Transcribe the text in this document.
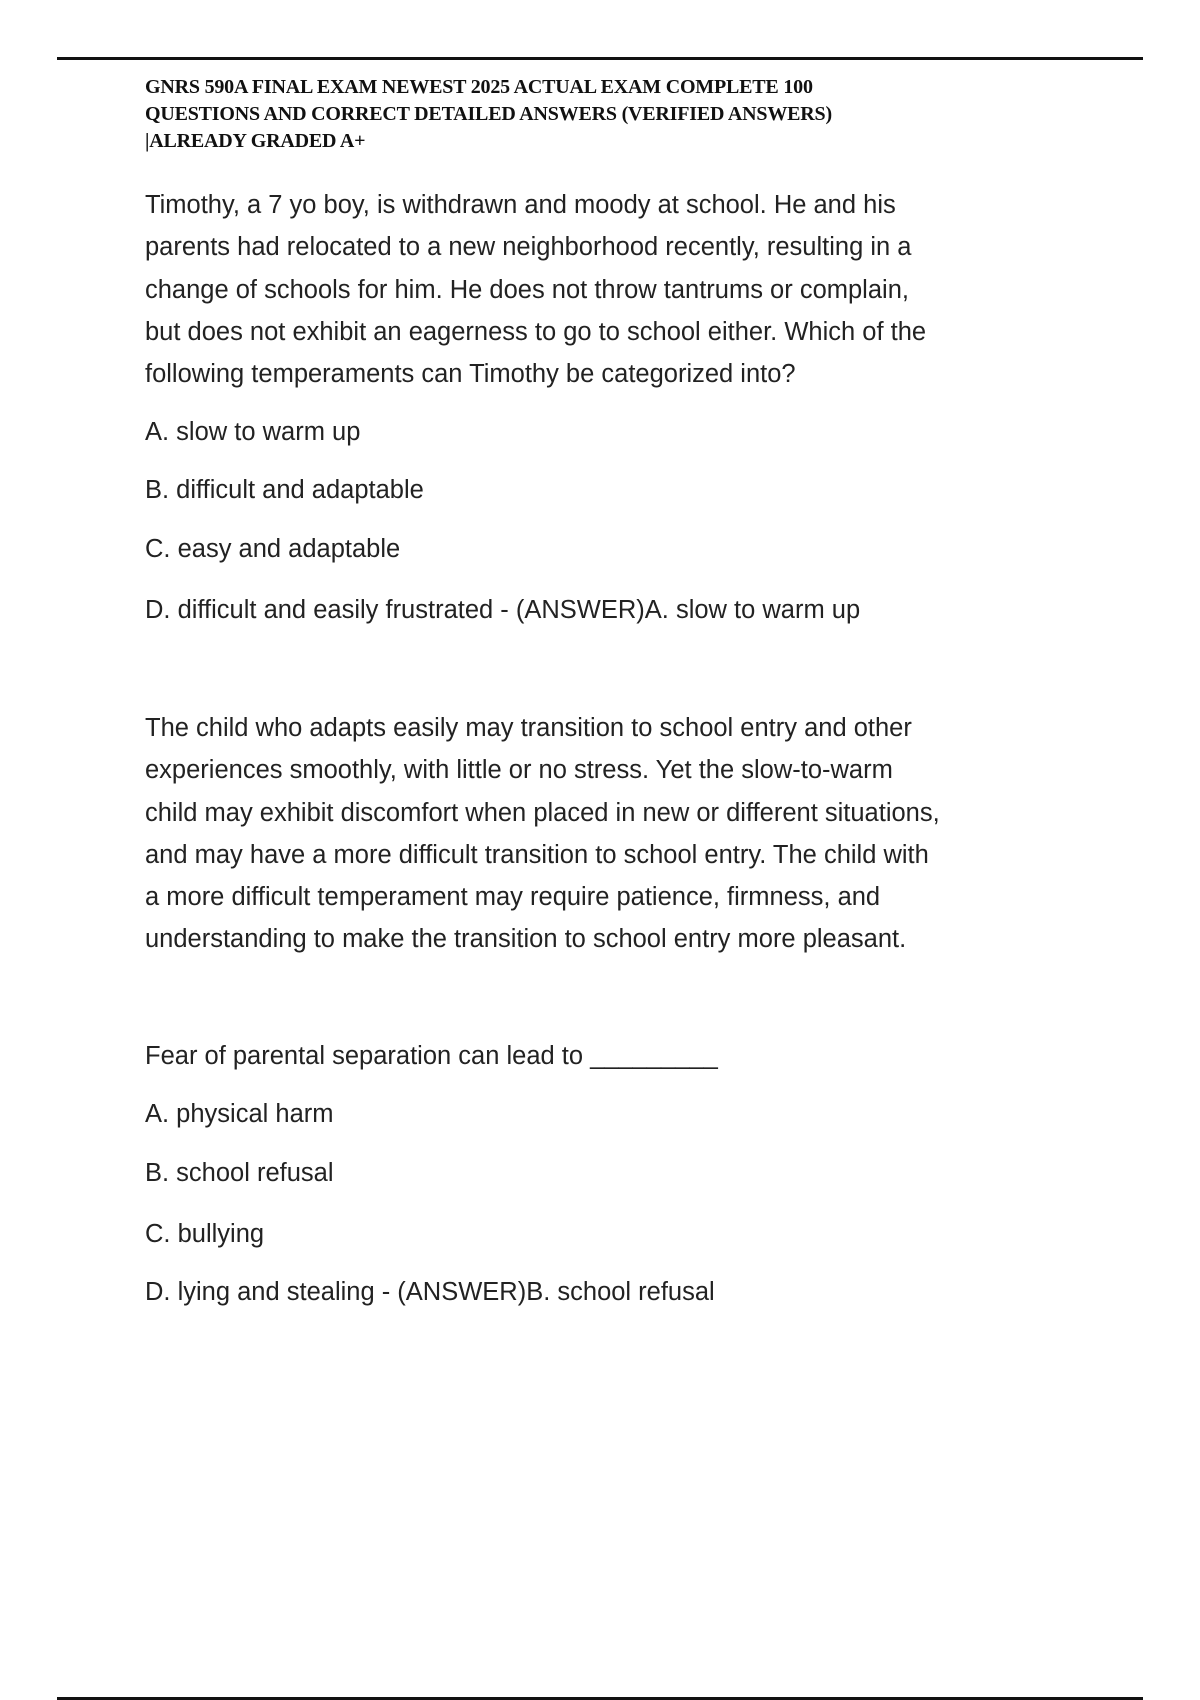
GNRS 590A FINAL EXAM NEWEST 2025 ACTUAL EXAM COMPLETE 100
QUESTIONS AND CORRECT DETAILED ANSWERS (VERIFIED ANSWERS)
|ALREADY GRADED A+
Timothy, a 7 yo boy, is withdrawn and moody at school. He and his
parents had relocated to a new neighborhood recently, resulting in a
change of schools for him. He does not throw tantrums or complain,
but does not exhibit an eagerness to go to school either. Which of the
following temperaments can Timothy be categorized into?
A. slow to warm up
B. difficult and adaptable
C. easy and adaptable
D. difficult and easily frustrated - (ANSWER)A. slow to warm up
The child who adapts easily may transition to school entry and other
experiences smoothly, with little or no stress. Yet the slow-to-warm
child may exhibit discomfort when placed in new or different situations,
and may have a more difficult transition to school entry. The child with
a more difficult temperament may require patience, firmness, and
understanding to make the transition to school entry more pleasant.
Fear of parental separation can lead to _________
A. physical harm
B. school refusal
C. bullying
D. lying and stealing - (ANSWER)B. school refusal
